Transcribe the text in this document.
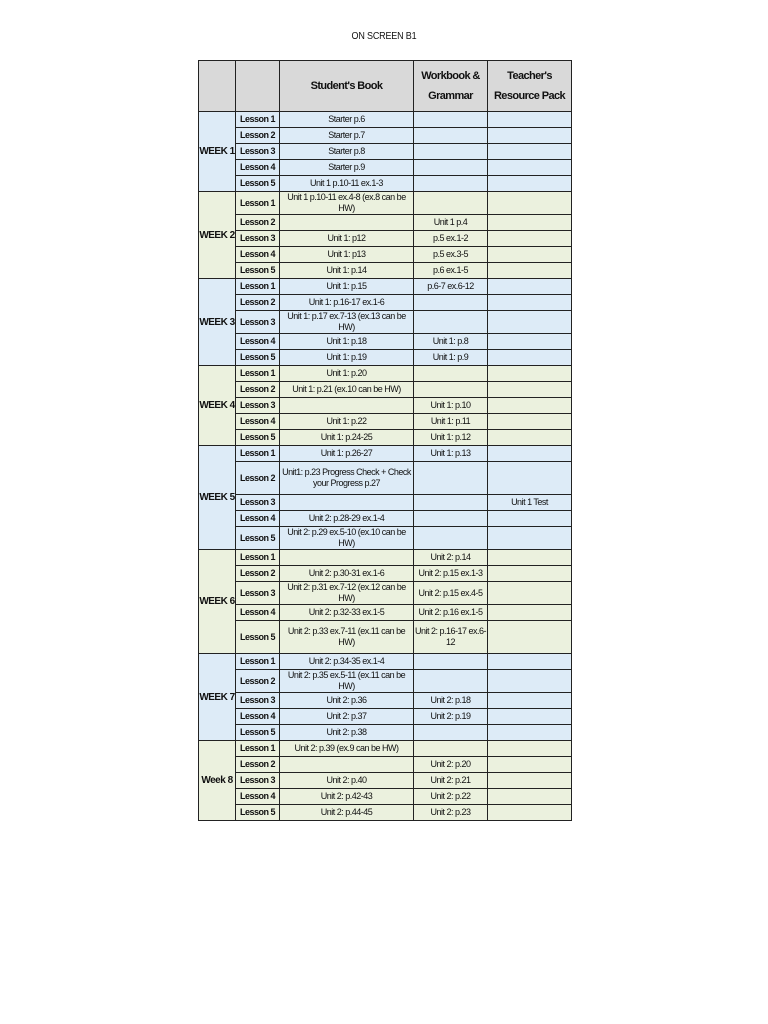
ON SCREEN B1
		Student's Book	Workbook & Grammar	Teacher's Resource Pack
WEEK 1	Lesson 1	Starter p.6		
	Lesson 2	Starter p.7		
	Lesson 3	Starter p.8		
	Lesson 4	Starter p.9		
	Lesson 5	Unit 1 p.10-11 ex.1-3		
WEEK 2	Lesson 1	Unit 1 p.10-11 ex.4-8 (ex.8 can be HW)		
	Lesson 2		Unit 1 p.4	
	Lesson 3	Unit 1: p12	p.5 ex.1-2	
	Lesson 4	Unit 1: p13	p.5 ex.3-5	
	Lesson 5	Unit 1: p.14	p.6 ex.1-5	
WEEK 3	Lesson 1	Unit 1: p.15	p.6-7 ex.6-12	
	Lesson 2	Unit 1: p.16-17 ex.1-6		
	Lesson 3	Unit 1: p.17 ex.7-13 (ex.13 can be HW)		
	Lesson 4	Unit 1: p.18	Unit 1: p.8	
	Lesson 5	Unit 1: p.19	Unit 1: p.9	
WEEK 4	Lesson 1	Unit 1: p.20		
	Lesson 2	Unit 1: p.21 (ex.10 can be HW)		
	Lesson 3		Unit 1: p.10	
	Lesson 4	Unit 1: p.22	Unit 1: p.11	
	Lesson 5	Unit 1: p.24-25	Unit 1: p.12	
WEEK 5	Lesson 1	Unit 1: p.26-27	Unit 1: p.13	
	Lesson 2	Unit1: p.23 Progress Check + Check your Progress p.27		
	Lesson 3			Unit 1 Test
	Lesson 4	Unit 2: p.28-29 ex.1-4		
	Lesson 5	Unit 2: p.29 ex.5-10 (ex.10 can be HW)		
WEEK 6	Lesson 1		Unit 2: p.14	
	Lesson 2	Unit 2: p.30-31 ex.1-6	Unit 2: p.15 ex.1-3	
	Lesson 3	Unit 2: p.31 ex.7-12 (ex.12 can be HW)	Unit 2: p.15 ex.4-5	
	Lesson 4	Unit 2: p.32-33 ex.1-5	Unit 2: p.16 ex.1-5	
	Lesson 5	Unit 2: p.33 ex.7-11 (ex.11 can be HW)	Unit 2: p.16-17 ex.6-12	
WEEK 7	Lesson 1	Unit 2: p.34-35 ex.1-4		
	Lesson 2	Unit 2: p.35 ex.5-11 (ex.11 can be HW)		
	Lesson 3	Unit 2: p.36	Unit 2: p.18	
	Lesson 4	Unit 2: p.37	Unit 2: p.19	
	Lesson 5	Unit 2: p.38		
Week 8	Lesson 1	Unit 2: p.39 (ex.9 can be HW)		
	Lesson 2		Unit 2: p.20	
	Lesson 3	Unit 2: p.40	Unit 2: p.21	
	Lesson 4	Unit 2: p.42-43	Unit 2: p.22	
	Lesson 5	Unit 2: p.44-45	Unit 2: p.23	
